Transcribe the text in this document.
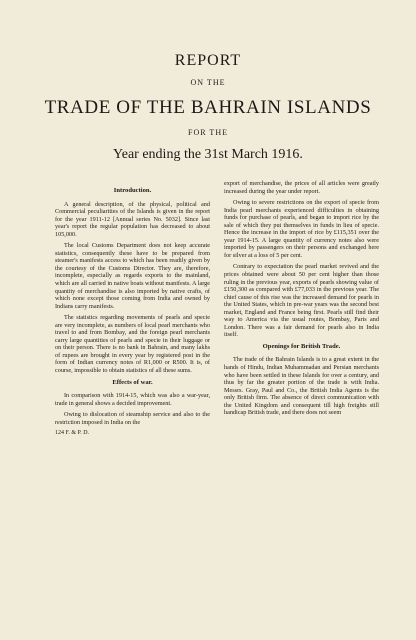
REPORT
ON THE
TRADE OF THE BAHRAIN ISLANDS
FOR THE
Year ending the 31st March 1916.
Introduction.

A general description, of the physical, political and Commercial peculiarities of the Islands is given in the report for the year 1911-12 [Annual series No. 5032]. Since last year's report the regular population has decreased to about 105,000.

The local Customs Department does not keep accurate statistics, consequently these have to be prepared from steamer's manifests access to which has been readily given by the courtesy of the Customs Director. They are, therefore, incomplete, especially as regards exports to the mainland, which are all carried in native boats without manifests. A large quantity of merchandise is also imported by native crafts, of which none except those coming from India and owned by Indians carry manifests.

The statistics regarding movements of pearls and specie are very incomplete, as numbers of local pearl merchants who travel to and from Bombay, and the foreign pearl merchants carry large quantities of pearls and specie in their luggage or on their person. There is no bank in Bahrain, and many lakhs of rupees are brought in every year by registered post in the form of Indian currency notes of R1,000 or R500. It is, of course, impossible to obtain statistics of all these sums.

Effects of war.

In comparison with 1914-15, which was also a war-year, trade in general shows a decided improvement.

Owing to dislocation of steamship service and also to the restriction imposed in India on the

124 F. & P. D.

export of merchandise, the prices of all articles were greatly increased during the year under report.

Owing to severe restrictions on the export of specie from India pearl merchants experienced difficulties in obtaining funds for purchase of pearls, and began to import rice by the sale of which they put themselves in funds in lieu of specie. Hence the increase in the import of rice by £115,351 over the year 1914-15. A large quantity of currency notes also were imported by passengers on their persons and exchanged here for silver at a loss of 5 per cent.

Contrary to expectation the pearl market revived and the prices obtained were about 50 per cent higher than those ruling in the previous year, exports of pearls showing value of £150,300 as compared with £77,033 in the previous year. The chief cause of this rise was the increased demand for pearls in the United States, which in pre-war years was the second best market, England and France being first. Pearls still find their way to America via the usual routes, Bombay, Paris and London. There was a fair demand for pearls also in India itself.

Openings for British Trade.

The trade of the Bahrain Islands is to a great extent in the hands of Hindu, Indian Muhammadan and Persian merchants who have been settled in these Islands for over a century, and thus by far the greater portion of the trade is with India. Messrs. Gray, Paul and Co., the British India Agents is the only British firm. The absence of direct communication with the United Kingdom and consequent till high freights still handicap British trade, and there does not seem
